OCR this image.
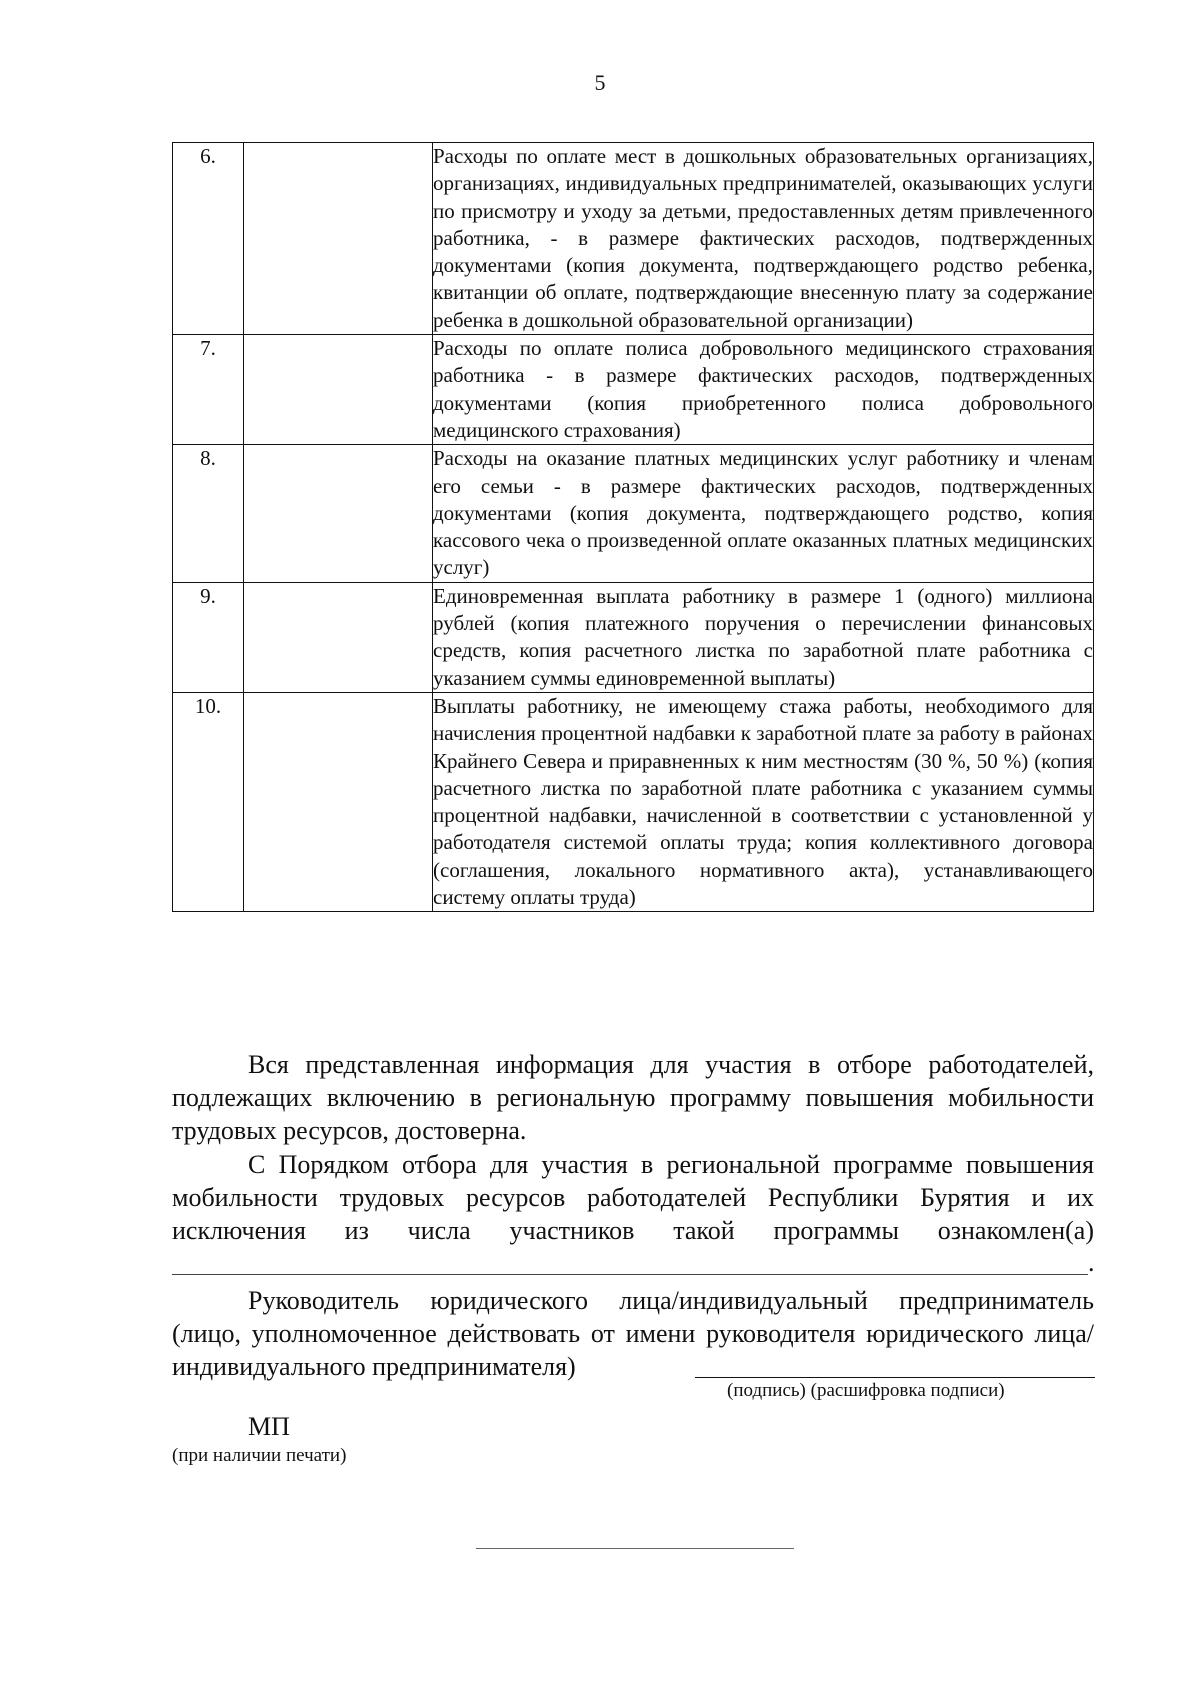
5
6.		Расходы по оплате мест в дошкольных образовательных организациях, организациях, индивидуальных предпринимателей, оказывающих услуги по присмотру и уходу за детьми, предоставленных детям привлеченного работника, - в размере фактических расходов, подтвержденных документами (копия документа, подтверждающего родство ребенка, квитанции об оплате, подтверждающие внесенную плату за содержание ребенка в дошкольной образовательной организации)
7.		Расходы по оплате полиса добровольного медицинского страхования работника - в размере фактических расходов, подтвержденных документами (копия приобретенного полиса добровольного медицинского страхования)
8.		Расходы на оказание платных медицинских услуг работнику и членам его семьи - в размере фактических расходов, подтвержденных документами (копия документа, подтверждающего родство, копия кассового чека о произведенной оплате оказанных платных медицинских услуг)
9.		Единовременная выплата работнику в размере 1 (одного) миллиона рублей (копия платежного поручения о перечислении финансовых средств, копия расчетного листка по заработной плате работника с указанием суммы единовременной выплаты)
10.		Выплаты работнику, не имеющему стажа работы, необходимого для начисления процентной надбавки к заработной плате за работу в районах Крайнего Севера и приравненных к ним местностям (30 %, 50 %) (копия расчетного листка по заработной плате работника с указанием суммы процентной надбавки, начисленной в соответствии с установленной у работодателя системой оплаты труда; копия коллективного договора (соглашения, локального нормативного акта), устанавливающего систему оплаты труда)
Вся представленная информация для участия в отборе работодателей, подлежащих включению в региональную программу повышения мобильности трудовых ресурсов, достоверна.
С Порядком отбора для участия в региональной программе повышения мобильности трудовых ресурсов работодателей Республики Бурятия и их исключения из числа участников такой программы ознакомлен(а)
.
Руководитель юридического лица/индивидуальный предприниматель (лицо, уполномоченное действовать от имени руководителя юридического лица/индивидуального предпринимателя)
(подпись) (расшифровка подписи)
МП
(при наличии печати)
